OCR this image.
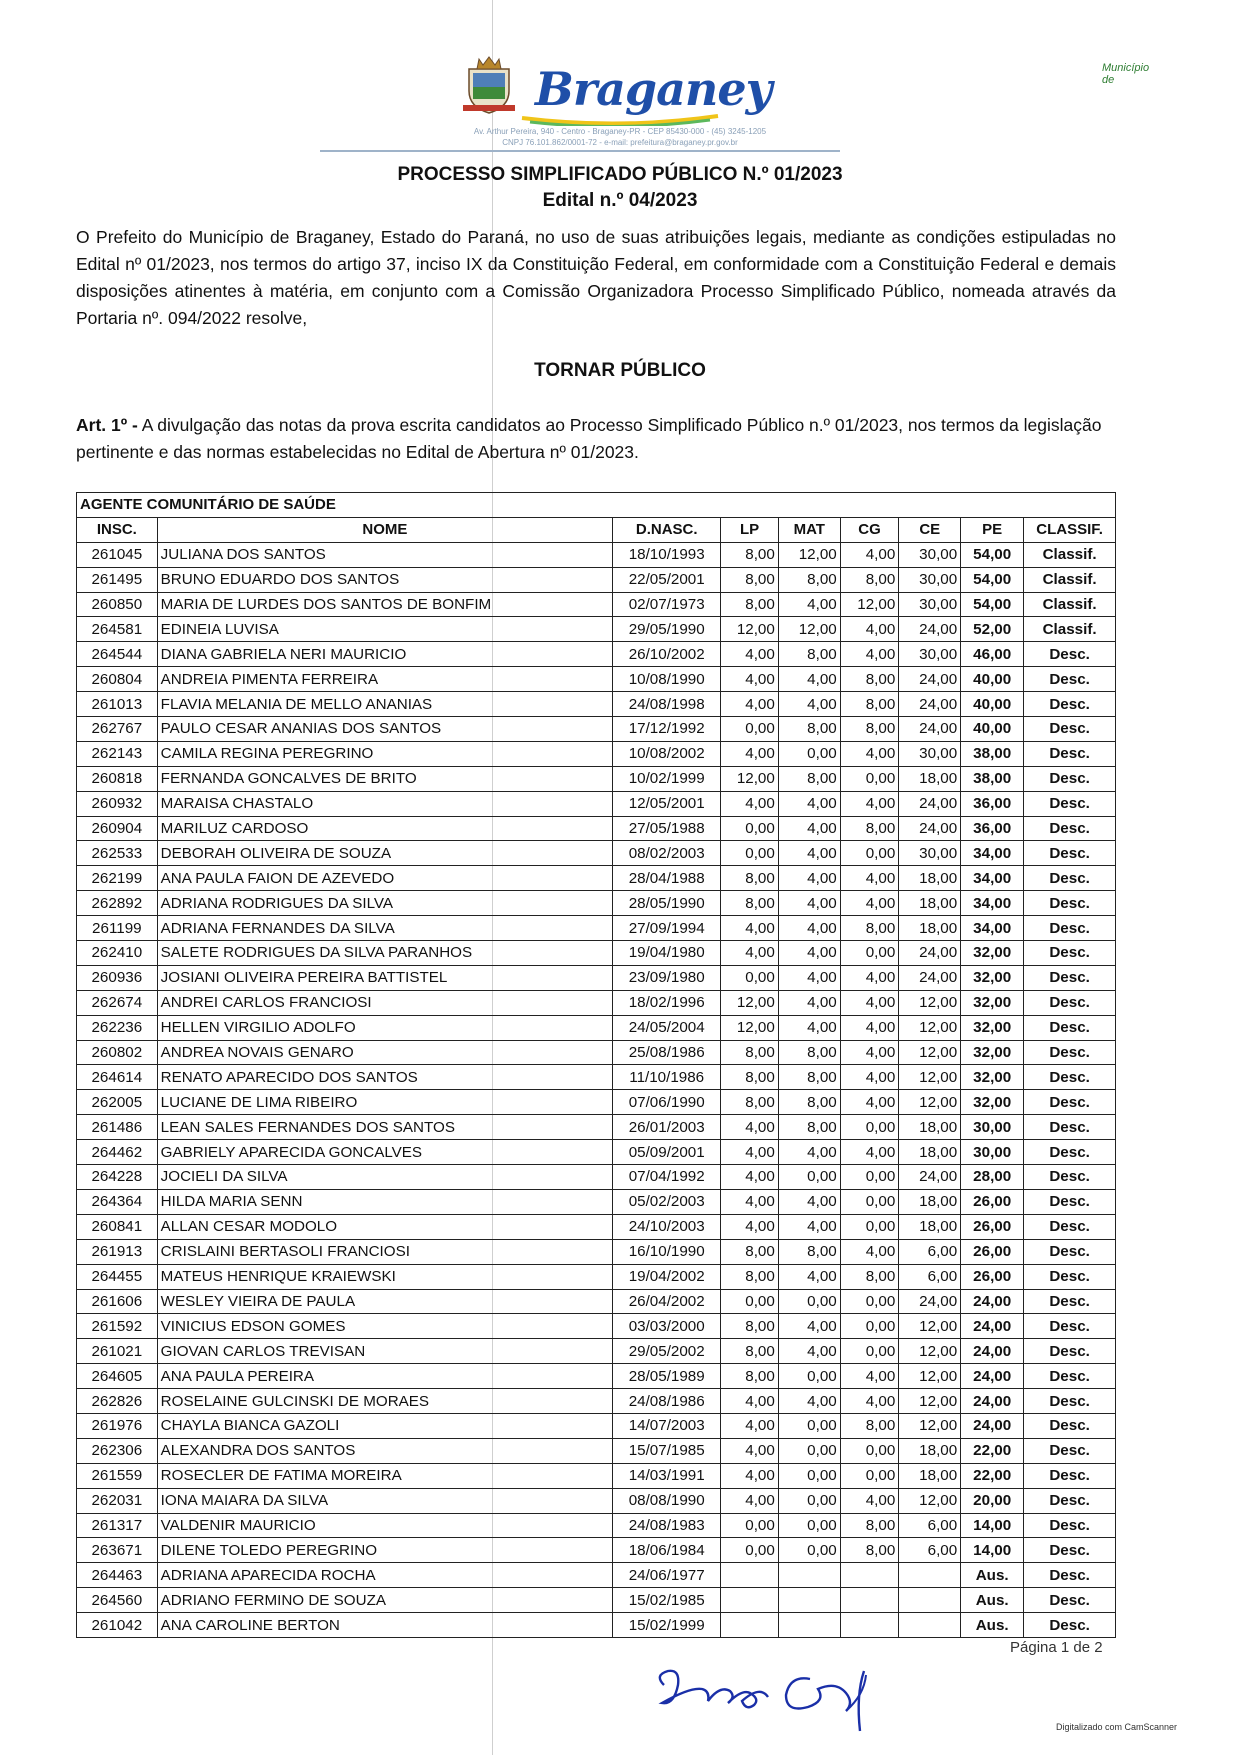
Município de
Braganey
Av. Arthur Pereira, 940 - Centro - Braganey-PR - CEP 85430-000 - (45) 3245-1205
CNPJ 76.101.862/0001-72 - e-mail: prefeitura@braganey.pr.gov.br
PROCESSO SIMPLIFICADO PÚBLICO N.º 01/2023
Edital n.º 04/2023
O Prefeito do Município de Braganey, Estado do Paraná, no uso de suas atribuições legais, mediante as condições estipuladas no Edital nº 01/2023, nos termos do artigo 37, inciso IX da Constituição Federal, em conformidade com a Constituição Federal e demais disposições atinentes à matéria, em conjunto com a Comissão Organizadora Processo Simplificado Público, nomeada através da Portaria nº. 094/2022 resolve,
TORNAR PÚBLICO
Art. 1º - A divulgação das notas da prova escrita candidatos ao Processo Simplificado Público n.º 01/2023, nos termos da legislação pertinente e das normas estabelecidas no Edital de Abertura nº 01/2023.
AGENTE COMUNITÁRIO DE SAÚDE								
INSC.	NOME	D.NASC.	LP	MAT	CG	CE	PE	CLASSIF.
261045	JULIANA DOS SANTOS	18/10/1993	8,00	12,00	4,00	30,00	54,00	Classif.
261495	BRUNO EDUARDO DOS SANTOS	22/05/2001	8,00	8,00	8,00	30,00	54,00	Classif.
260850	MARIA DE LURDES DOS SANTOS DE BONFIM	02/07/1973	8,00	4,00	12,00	30,00	54,00	Classif.
264581	EDINEIA LUVISA	29/05/1990	12,00	12,00	4,00	24,00	52,00	Classif.
264544	DIANA GABRIELA NERI MAURICIO	26/10/2002	4,00	8,00	4,00	30,00	46,00	Desc.
260804	ANDREIA PIMENTA FERREIRA	10/08/1990	4,00	4,00	8,00	24,00	40,00	Desc.
261013	FLAVIA MELANIA DE MELLO ANANIAS	24/08/1998	4,00	4,00	8,00	24,00	40,00	Desc.
262767	PAULO CESAR ANANIAS DOS SANTOS	17/12/1992	0,00	8,00	8,00	24,00	40,00	Desc.
262143	CAMILA REGINA PEREGRINO	10/08/2002	4,00	0,00	4,00	30,00	38,00	Desc.
260818	FERNANDA GONCALVES DE BRITO	10/02/1999	12,00	8,00	0,00	18,00	38,00	Desc.
260932	MARAISA CHASTALO	12/05/2001	4,00	4,00	4,00	24,00	36,00	Desc.
260904	MARILUZ CARDOSO	27/05/1988	0,00	4,00	8,00	24,00	36,00	Desc.
262533	DEBORAH OLIVEIRA DE SOUZA	08/02/2003	0,00	4,00	0,00	30,00	34,00	Desc.
262199	ANA PAULA FAION DE AZEVEDO	28/04/1988	8,00	4,00	4,00	18,00	34,00	Desc.
262892	ADRIANA RODRIGUES DA SILVA	28/05/1990	8,00	4,00	4,00	18,00	34,00	Desc.
261199	ADRIANA FERNANDES DA SILVA	27/09/1994	4,00	4,00	8,00	18,00	34,00	Desc.
262410	SALETE RODRIGUES DA SILVA PARANHOS	19/04/1980	4,00	4,00	0,00	24,00	32,00	Desc.
260936	JOSIANI OLIVEIRA PEREIRA BATTISTEL	23/09/1980	0,00	4,00	4,00	24,00	32,00	Desc.
262674	ANDREI CARLOS FRANCIOSI	18/02/1996	12,00	4,00	4,00	12,00	32,00	Desc.
262236	HELLEN VIRGILIO ADOLFO	24/05/2004	12,00	4,00	4,00	12,00	32,00	Desc.
260802	ANDREA NOVAIS GENARO	25/08/1986	8,00	8,00	4,00	12,00	32,00	Desc.
264614	RENATO APARECIDO DOS SANTOS	11/10/1986	8,00	8,00	4,00	12,00	32,00	Desc.
262005	LUCIANE DE LIMA RIBEIRO	07/06/1990	8,00	8,00	4,00	12,00	32,00	Desc.
261486	LEAN SALES FERNANDES DOS SANTOS	26/01/2003	4,00	8,00	0,00	18,00	30,00	Desc.
264462	GABRIELY APARECIDA GONCALVES	05/09/2001	4,00	4,00	4,00	18,00	30,00	Desc.
264228	JOCIELI DA SILVA	07/04/1992	4,00	0,00	0,00	24,00	28,00	Desc.
264364	HILDA MARIA SENN	05/02/2003	4,00	4,00	0,00	18,00	26,00	Desc.
260841	ALLAN CESAR MODOLO	24/10/2003	4,00	4,00	0,00	18,00	26,00	Desc.
261913	CRISLAINI BERTASOLI FRANCIOSI	16/10/1990	8,00	8,00	4,00	6,00	26,00	Desc.
264455	MATEUS HENRIQUE KRAIEWSKI	19/04/2002	8,00	4,00	8,00	6,00	26,00	Desc.
261606	WESLEY VIEIRA DE PAULA	26/04/2002	0,00	0,00	0,00	24,00	24,00	Desc.
261592	VINICIUS EDSON GOMES	03/03/2000	8,00	4,00	0,00	12,00	24,00	Desc.
261021	GIOVAN CARLOS TREVISAN	29/05/2002	8,00	4,00	0,00	12,00	24,00	Desc.
264605	ANA PAULA PEREIRA	28/05/1989	8,00	0,00	4,00	12,00	24,00	Desc.
262826	ROSELAINE GULCINSKI DE MORAES	24/08/1986	4,00	4,00	4,00	12,00	24,00	Desc.
261976	CHAYLA BIANCA GAZOLI	14/07/2003	4,00	0,00	8,00	12,00	24,00	Desc.
262306	ALEXANDRA DOS SANTOS	15/07/1985	4,00	0,00	0,00	18,00	22,00	Desc.
261559	ROSECLER DE FATIMA MOREIRA	14/03/1991	4,00	0,00	0,00	18,00	22,00	Desc.
262031	IONA MAIARA DA SILVA	08/08/1990	4,00	0,00	4,00	12,00	20,00	Desc.
261317	VALDENIR MAURICIO	24/08/1983	0,00	0,00	8,00	6,00	14,00	Desc.
263671	DILENE TOLEDO PEREGRINO	18/06/1984	0,00	0,00	8,00	6,00	14,00	Desc.
264463	ADRIANA APARECIDA ROCHA	24/06/1977					Aus.	Desc.
264560	ADRIANO FERMINO DE SOUZA	15/02/1985					Aus.	Desc.
261042	ANA CAROLINE BERTON	15/02/1999					Aus.	Desc.
Página 1 de 2
Digitalizado com CamScanner
